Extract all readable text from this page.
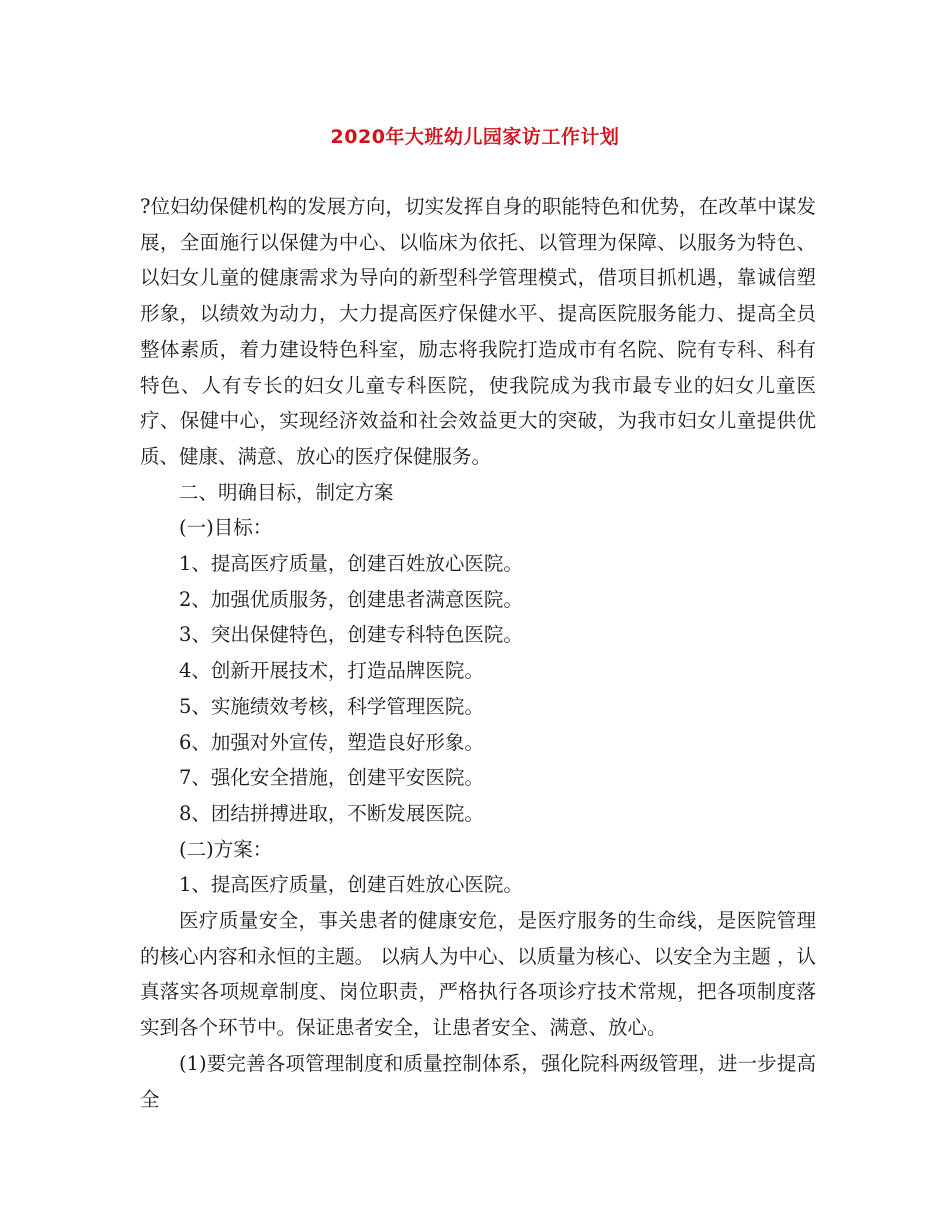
2020年大班幼儿园家访工作计划

?位妇幼保健机构的发展方向，切实发挥自身的职能特色和优势，在改革中谋发展，全面施行以保健为中心、以临床为依托、以管理为保障、以服务为特色、以妇女儿童的健康需求为导向的新型科学管理模式，借项目抓机遇，靠诚信塑形象，以绩效为动力，大力提高医疗保健水平、提高医院服务能力、提高全员整体素质，着力建设特色科室，励志将我院打造成市有名院、院有专科、科有特色、人有专长的妇女儿童专科医院，使我院成为我市最专业的妇女儿童医疗、保健中心，实现经济效益和社会效益更大的突破，为我市妇女儿童提供优质、健康、满意、放心的医疗保健服务。

二、明确目标，制定方案

(一)目标：

1、提高医疗质量，创建百姓放心医院。

2、加强优质服务，创建患者满意医院。

3、突出保健特色，创建专科特色医院。

4、创新开展技术，打造品牌医院。

5、实施绩效考核，科学管理医院。

6、加强对外宣传，塑造良好形象。

7、强化安全措施，创建平安医院。

8、团结拼搏进取，不断发展医院。

(二)方案：

1、提高医疗质量，创建百姓放心医院。

医疗质量安全，事关患者的健康安危，是医疗服务的生命线，是医院管理的核心内容和永恒的主题。 以病人为中心、以质量为核心、以安全为主题 ，认真落实各项规章制度、岗位职责，严格执行各项诊疗技术常规，把各项制度落实到各个环节中。保证患者安全，让患者安全、满意、放心。

(1)要完善各项管理制度和质量控制体系，强化院科两级管理，进一步提高全
